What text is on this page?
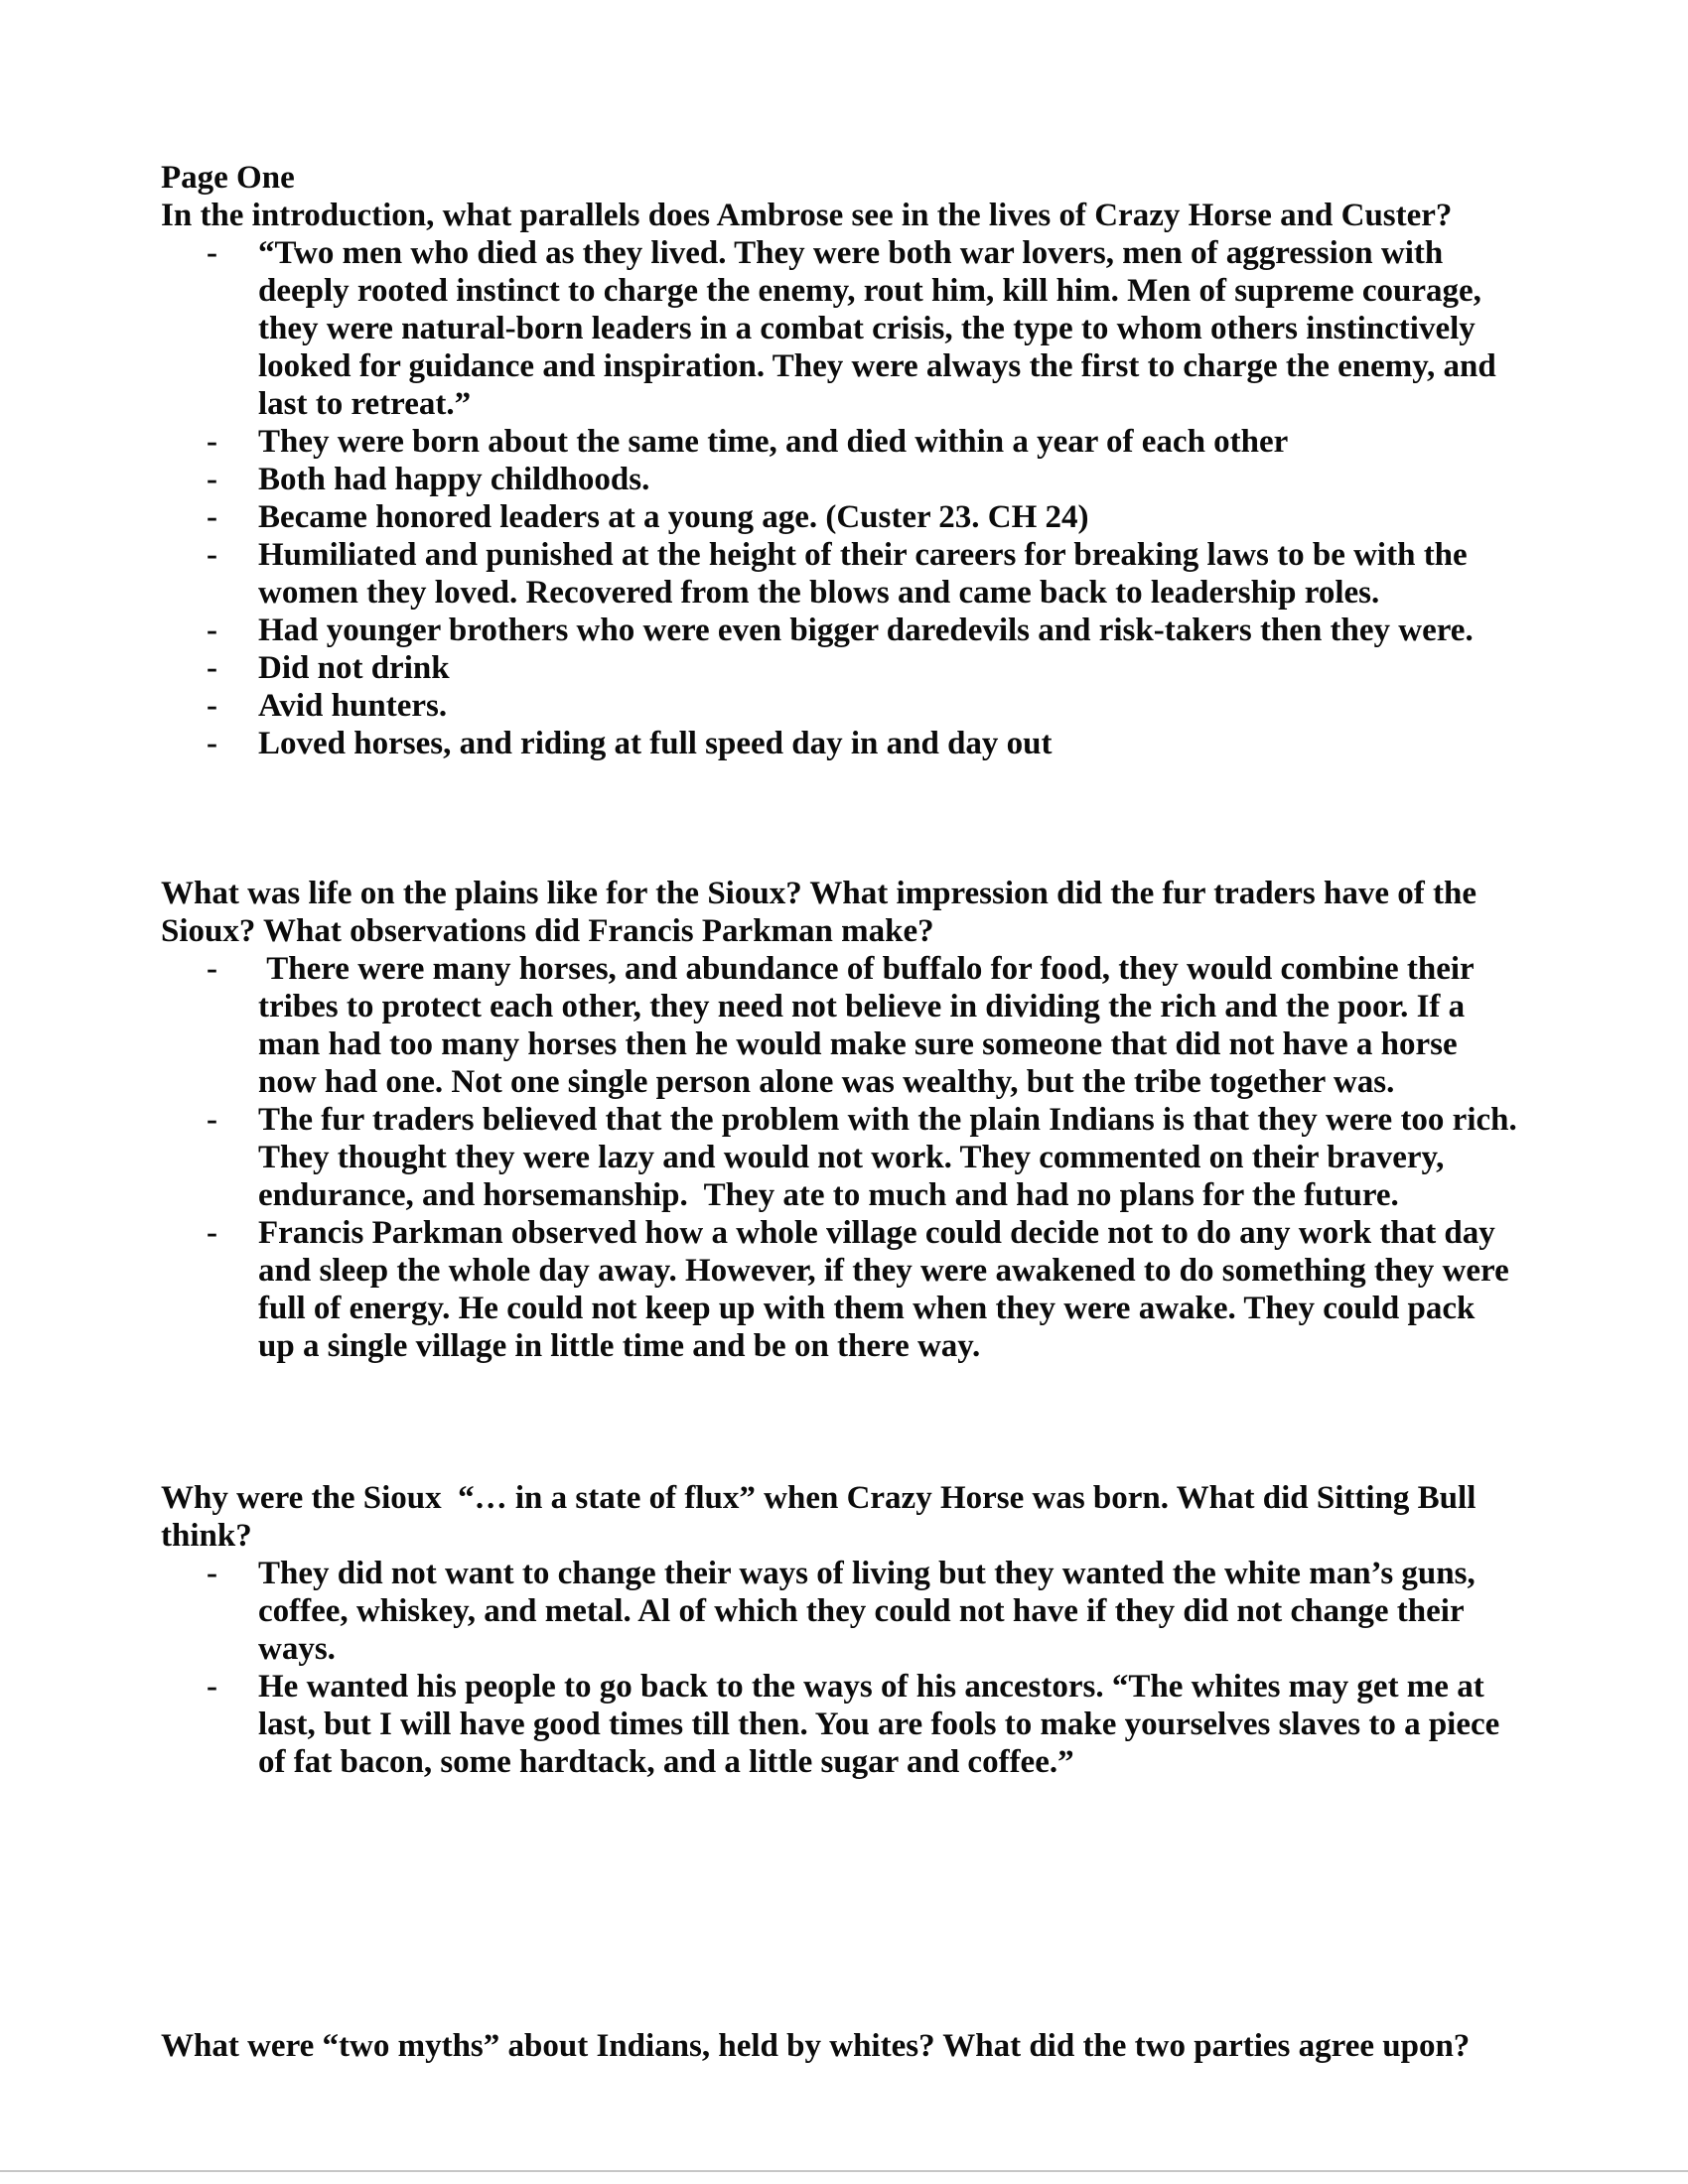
Page One
In the introduction, what parallels does Ambrose see in the lives of Crazy Horse and Custer?
-	“Two men who died as they lived. They were both war lovers, men of aggression with deeply rooted instinct to charge the enemy, rout him, kill him. Men of supreme courage, they were natural-born leaders in a combat crisis, the type to whom others instinctively looked for guidance and inspiration. They were always the first to charge the enemy, and last to retreat.”
-	They were born about the same time, and died within a year of each other
-	Both had happy childhoods.
-	Became honored leaders at a young age. (Custer 23. CH 24)
-	Humiliated and punished at the height of their careers for breaking laws to be with the women they loved. Recovered from the blows and came back to leadership roles.
-	Had younger brothers who were even bigger daredevils and risk-takers then they were.
-	Did not drink
-	Avid hunters.
-	Loved horses, and riding at full speed day in and day out
What was life on the plains like for the Sioux? What impression did the fur traders have of the Sioux? What observations did Francis Parkman make?
-	There were many horses, and abundance of buffalo for food, they would combine their tribes to protect each other, they need not believe in dividing the rich and the poor. If a man had too many horses then he would make sure someone that did not have a horse now had one. Not one single person alone was wealthy, but the tribe together was.
-	The fur traders believed that the problem with the plain Indians is that they were too rich. They thought they were lazy and would not work. They commented on their bravery, endurance, and horsemanship.  They ate to much and had no plans for the future.
-	Francis Parkman observed how a whole village could decide not to do any work that day and sleep the whole day away. However, if they were awakened to do something they were full of energy. He could not keep up with them when they were awake. They could pack up a single village in little time and be on there way.
Why were the Sioux  “… in a state of flux” when Crazy Horse was born. What did Sitting Bull think?
-	They did not want to change their ways of living but they wanted the white man’s guns, coffee, whiskey, and metal. Al of which they could not have if they did not change their ways.
-	He wanted his people to go back to the ways of his ancestors. “The whites may get me at last, but I will have good times till then. You are fools to make yourselves slaves to a piece of fat bacon, some hardtack, and a little sugar and coffee.”
What were “two myths” about Indians, held by whites? What did the two parties agree upon?
